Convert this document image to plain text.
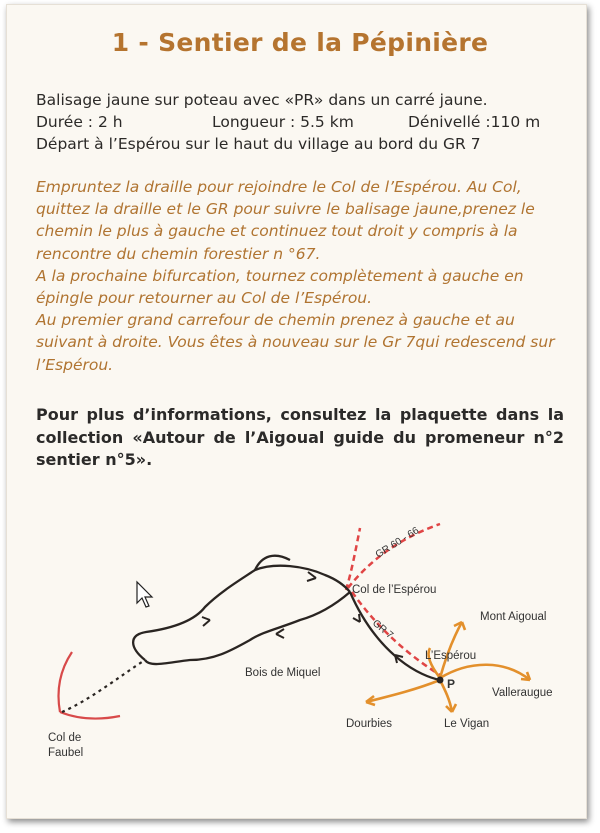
1 - Sentier de la Pépinière
Balisage jaune sur poteau avec «PR» dans un carré jaune.
Durée : 2 h	Longueur : 5.5 km	Dénivellé :110 m
Départ à l’Espérou sur le haut du village au bord du GR 7

Empruntez la draille pour rejoindre le Col de l’Espérou. Au Col, quittez la draille et le GR pour suivre le balisage jaune,prenez le chemin le plus à gauche et continuez tout droit y compris à la rencontre du chemin forestier n °67.

A la prochaine bifurcation, tournez complètement à gauche en épingle pour retourner au Col de l’Espérou.

Au premier grand carrefour de chemin prenez à gauche et au suivant à droite. Vous êtes à nouveau sur le Gr 7qui redescend sur l’Espérou.

Pour plus d’informations, consultez la plaquette dans la collection «Autour de l’Aigoual guide du promeneur n°2 sentier n°5».
GR 60 - 66
Col de l’Espérou
GR 7
Mont Aigoual
L’Espérou
P
Valleraugue
Bois de Miquel
Dourbies	Le Vigan
Col de
Faubel
